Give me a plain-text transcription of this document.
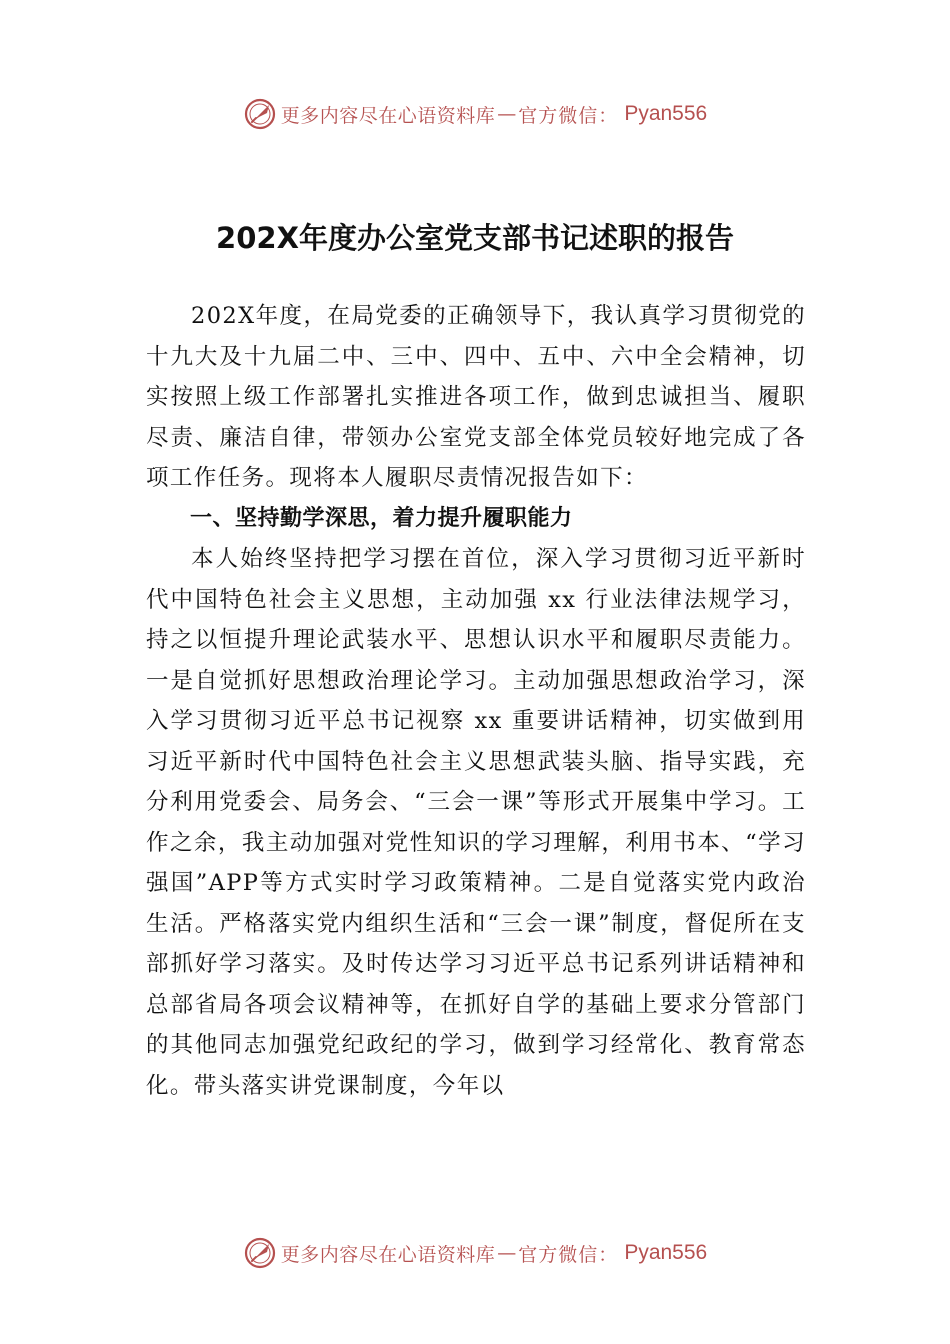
更多内容尽在心语资料库 — 官方微信： Pyan556
202X年度办公室党支部书记述职的报告

202X年度，在局党委的正确领导下，我认真学习贯彻党的十九大及十九届二中、三中、四中、五中、六中全会精神，切实按照上级工作部署扎实推进各项工作，做到忠诚担当、履职尽责、廉洁自律，带领办公室党支部全体党员较好地完成了各项工作任务。现将本人履职尽责情况报告如下：

一、坚持勤学深思，着力提升履职能力

本人始终坚持把学习摆在首位，深入学习贯彻习近平新时代中国特色社会主义思想，主动加强 xx 行业法律法规学习，持之以恒提升理论武装水平、思想认识水平和履职尽责能力。一是自觉抓好思想政治理论学习。主动加强思想政治学习，深入学习贯彻习近平总书记视察 xx 重要讲话精神，切实做到用习近平新时代中国特色社会主义思想武装头脑、指导实践，充分利用党委会、局务会、“三会一课”等形式开展集中学习。工作之余，我主动加强对党性知识的学习理解，利用书本、“学习强国”APP等方式实时学习政策精神。二是自觉落实党内政治生活。严格落实党内组织生活和“三会一课”制度，督促所在支部抓好学习落实。及时传达学习习近平总书记系列讲话精神和总部省局各项会议精神等，在抓好自学的基础上要求分管部门的其他同志加强党纪政纪的学习，做到学习经常化、教育常态化。带头落实讲党课制度，今年以

更多内容尽在心语资料库 — 官方微信： Pyan556
